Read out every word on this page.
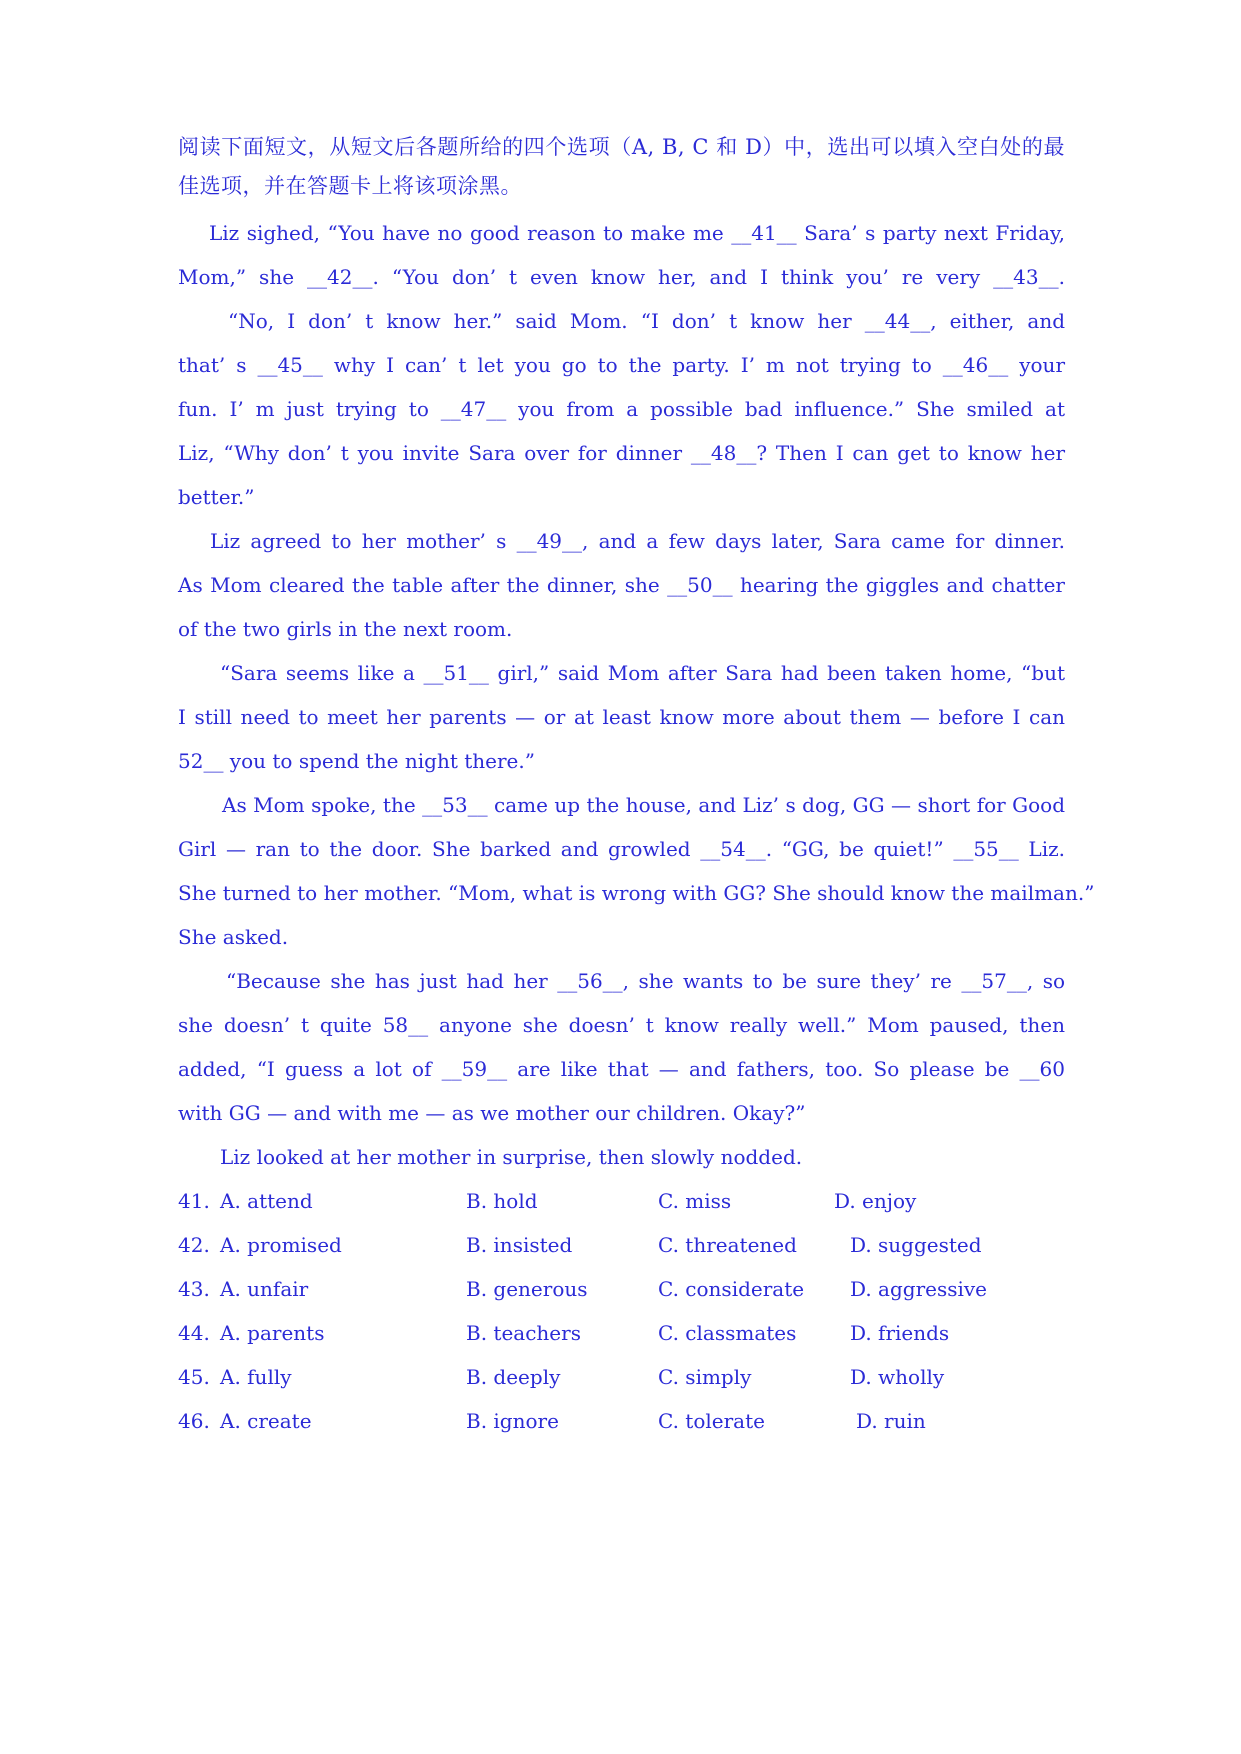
阅读下面短文，从短文后各题所给的四个选项（A, B, C 和 D）中，选出可以填入空白处的最
佳选项，并在答题卡上将该项涂黑。
Liz sighed, “You have no good reason to make me __41__ Sara’ s party next Friday,
Mom,” she __42__. “You don’ t even know her, and I think you’ re very __43__.
“No, I don’ t know her.” said Mom. “I don’ t know her __44__, either, and
that’ s __45__ why I can’ t let you go to the party. I’ m not trying to __46__ your
fun. I’ m just trying to __47__ you from a possible bad influence.” She smiled at
Liz, “Why don’ t you invite Sara over for dinner __48__? Then I can get to know her
better.”
Liz agreed to her mother’ s __49__, and a few days later, Sara came for dinner.
As Mom cleared the table after the dinner, she __50__ hearing the giggles and chatter
of the two girls in the next room.
“Sara seems like a __51__ girl,” said Mom after Sara had been taken home, “but
I still need to meet her parents — or at least know more about them — before I can
52__ you to spend the night there.”
As Mom spoke, the __53__ came up the house, and Liz’ s dog, GG — short for Good
Girl — ran to the door. She barked and growled __54__. “GG, be quiet!” __55__ Liz.
She turned to her mother. “Mom, what is wrong with GG? She should know the mailman.”
She asked.
“Because she has just had her __56__, she wants to be sure they’ re __57__, so
she doesn’ t quite 58__ anyone she doesn’ t know really well.” Mom paused, then
added, “I guess a lot of __59__ are like that — and fathers, too. So please be __60
with GG — and with me — as we mother our children. Okay?”
Liz looked at her mother in surprise, then slowly nodded.
41. A. attend	B. hold	C. miss	D. enjoy
42. A. promised	B. insisted	C. threatened	D. suggested
43. A. unfair	B. generous	C. considerate D. aggressive
44. A. parents	B. teachers	C. classmates	D. friends
45. A. fully	B. deeply	C. simply	D. wholly
46. A. create	B. ignore	C. tolerate	D. ruin
